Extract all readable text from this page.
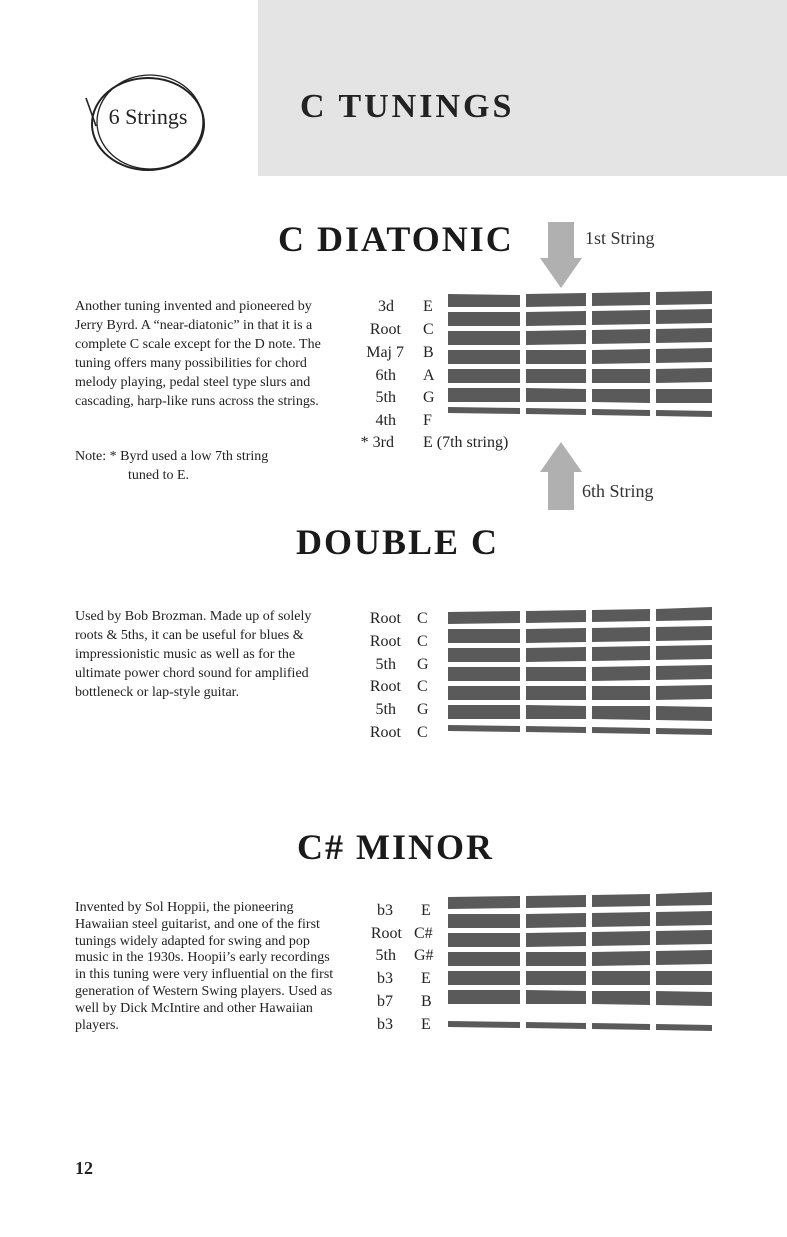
6 Strings	C TUNINGS
C DIATONIC
Another tuning invented and pioneered by Jerry Byrd. A “near-diatonic” in that it is a complete C scale except for the D note. The tuning offers many possibilities for chord melody playing, pedal steel type slurs and cascading, harp-like runs across the strings.
Note: * Byrd used a low 7th string
tuned to E.
1st String
6th String
3d E
Root C
Maj 7 B
6th A
5th G
4th F
* 3rd E (7th string)
DOUBLE C
Used by Bob Brozman. Made up of solely roots & 5ths, it can be useful for blues & impressionistic music as well as for the ultimate power chord sound for amplified bottleneck or lap-style guitar.
Root C
Root C
5th G
Root C
5th G
Root C
C# MINOR
Invented by Sol Hoppii, the pioneering Hawaiian steel guitarist, and one of the first tunings widely adapted for swing and pop music in the 1930s. Hoopii’s early recordings in this tuning were very influential on the first generation of Western Swing players. Used as well by Dick McIntire and other Hawaiian players.
b3 E
Root C#
5th G#
b3 E
b7 B
b3 E
12
